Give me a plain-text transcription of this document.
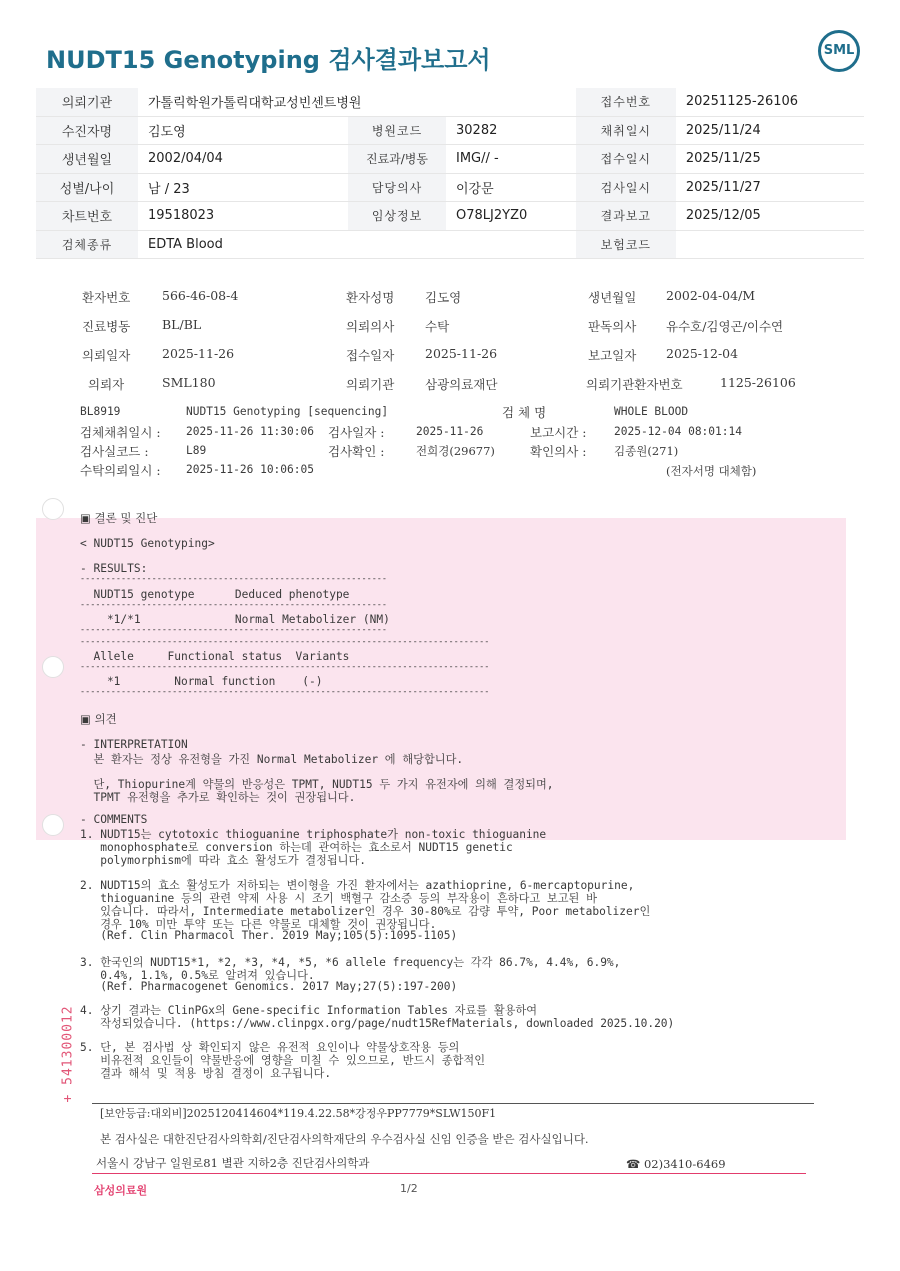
NUDT15 Genotyping 검사결과보고서	SML
의뢰기관	가톨릭학원가톨릭대학교성빈센트병원			접수번호	20251125-26106
수진자명	김도영	병원코드	30282	채취일시	2025/11/24
생년월일	2002/04/04	진료과/병동	IMG// -	접수일시	2025/11/25
성별/나이	남 / 23	담당의사	이강문	검사일시	2025/11/27
차트번호	19518023	임상정보	O78LJ2YZ0	결과보고	2025/12/05
검체종류	EDTA Blood			보험코드	
환자번호	566-46-08-4	환자성명 김도영	생년월일 2002-04-04/M
진료병동	BL/BL	의뢰의사 수탁	판독의사 유수호/김영곤/이수연
의뢰일자	2025-11-26	접수일자 2025-11-26	보고일자 2025-12-04
의뢰자	SML180	의뢰기관 삼광의료재단	의뢰기관환자번호	1125-26106
BL8919	NUDT15 Genotyping [sequencing]	검 체 명	WHOLE BLOOD
검체채취일시 : 2025-11-26 11:30:06 검사일자 :	2025-11-26	보고시간 : 2025-12-04 08:01:14
검사실코드 :	L89	검사확인 :	전희경(29677)	확인의사 : 김종원(271)
수탁의뢰일시 : 2025-11-26 10:06:05	(전자서명 대체함)
▣ 결론 및 진단
< NUDT15 Genotyping>
- RESULTS:
------------------------------------------------------------
NUDT15 genotype      Deduced phenotype
------------------------------------------------------------
*1/*1              Normal Metabolizer (NM)
------------------------------------------------------------
--------------------------------------------------------------------------------
Allele     Functional status  Variants
--------------------------------------------------------------------------------
*1        Normal function    (-)
--------------------------------------------------------------------------------
▣ 의견
- INTERPRETATION
본 환자는 정상 유전형을 가진 Normal Metabolizer 에 해당합니다.
단, Thiopurine계 약물의 반응성은 TPMT, NUDT15 두 가지 유전자에 의해 결정되며,
TPMT 유전형을 추가로 확인하는 것이 권장됩니다.
- COMMENTS
1. NUDT15는 cytotoxic thioguanine triphosphate가 non-toxic thioguanine
monophosphate로 conversion 하는데 관여하는 효소로서 NUDT15 genetic
polymorphism에 따라 효소 활성도가 결정됩니다.
2. NUDT15의 효소 활성도가 저하되는 변이형을 가진 환자에서는 azathioprine, 6-mercaptopurine,
thioguanine 등의 관련 약제 사용 시 조기 백혈구 감소증 등의 부작용이 흔하다고 보고된 바
있습니다. 따라서, Intermediate metabolizer인 경우 30-80%로 감량 투약, Poor metabolizer인
경우 10% 미만 투약 또는 다른 약물로 대체할 것이 권장됩니다.
(Ref. Clin Pharmacol Ther. 2019 May;105(5):1095-1105)
3. 한국인의 NUDT15*1, *2, *3, *4, *5, *6 allele frequency는 각각 86.7%, 4.4%, 6.9%,
0.4%, 1.1%, 0.5%로 알려져 있습니다.
(Ref. Pharmacogenet Genomics. 2017 May;27(5):197-200)
4. 상기 결과는 ClinPGx의 Gene-specific Information Tables 자료를 활용하여
작성되었습니다. (https://www.clinpgx.org/page/nudt15RefMaterials, downloaded 2025.10.20)
5. 단, 본 검사법 상 확인되지 않은 유전적 요인이나 약물상호작용 등의
비유전적 요인들이 약물반응에 영향을 미칠 수 있으므로, 반드시 종합적인
결과 해석 및 적용 방침 결정이 요구됩니다.
+ 541300012
[보안등급:대외비]2025120414604*119.4.22.58*강정우PP7779*SLW150F1
본 검사실은 대한진단검사의학회/진단검사의학재단의 우수검사실 신임 인증을 받은 검사실입니다.
서울시 강남구 일원로81 별관 지하2층 진단검사의학과	☎ 02)3410-6469
삼성의료원	1/2
